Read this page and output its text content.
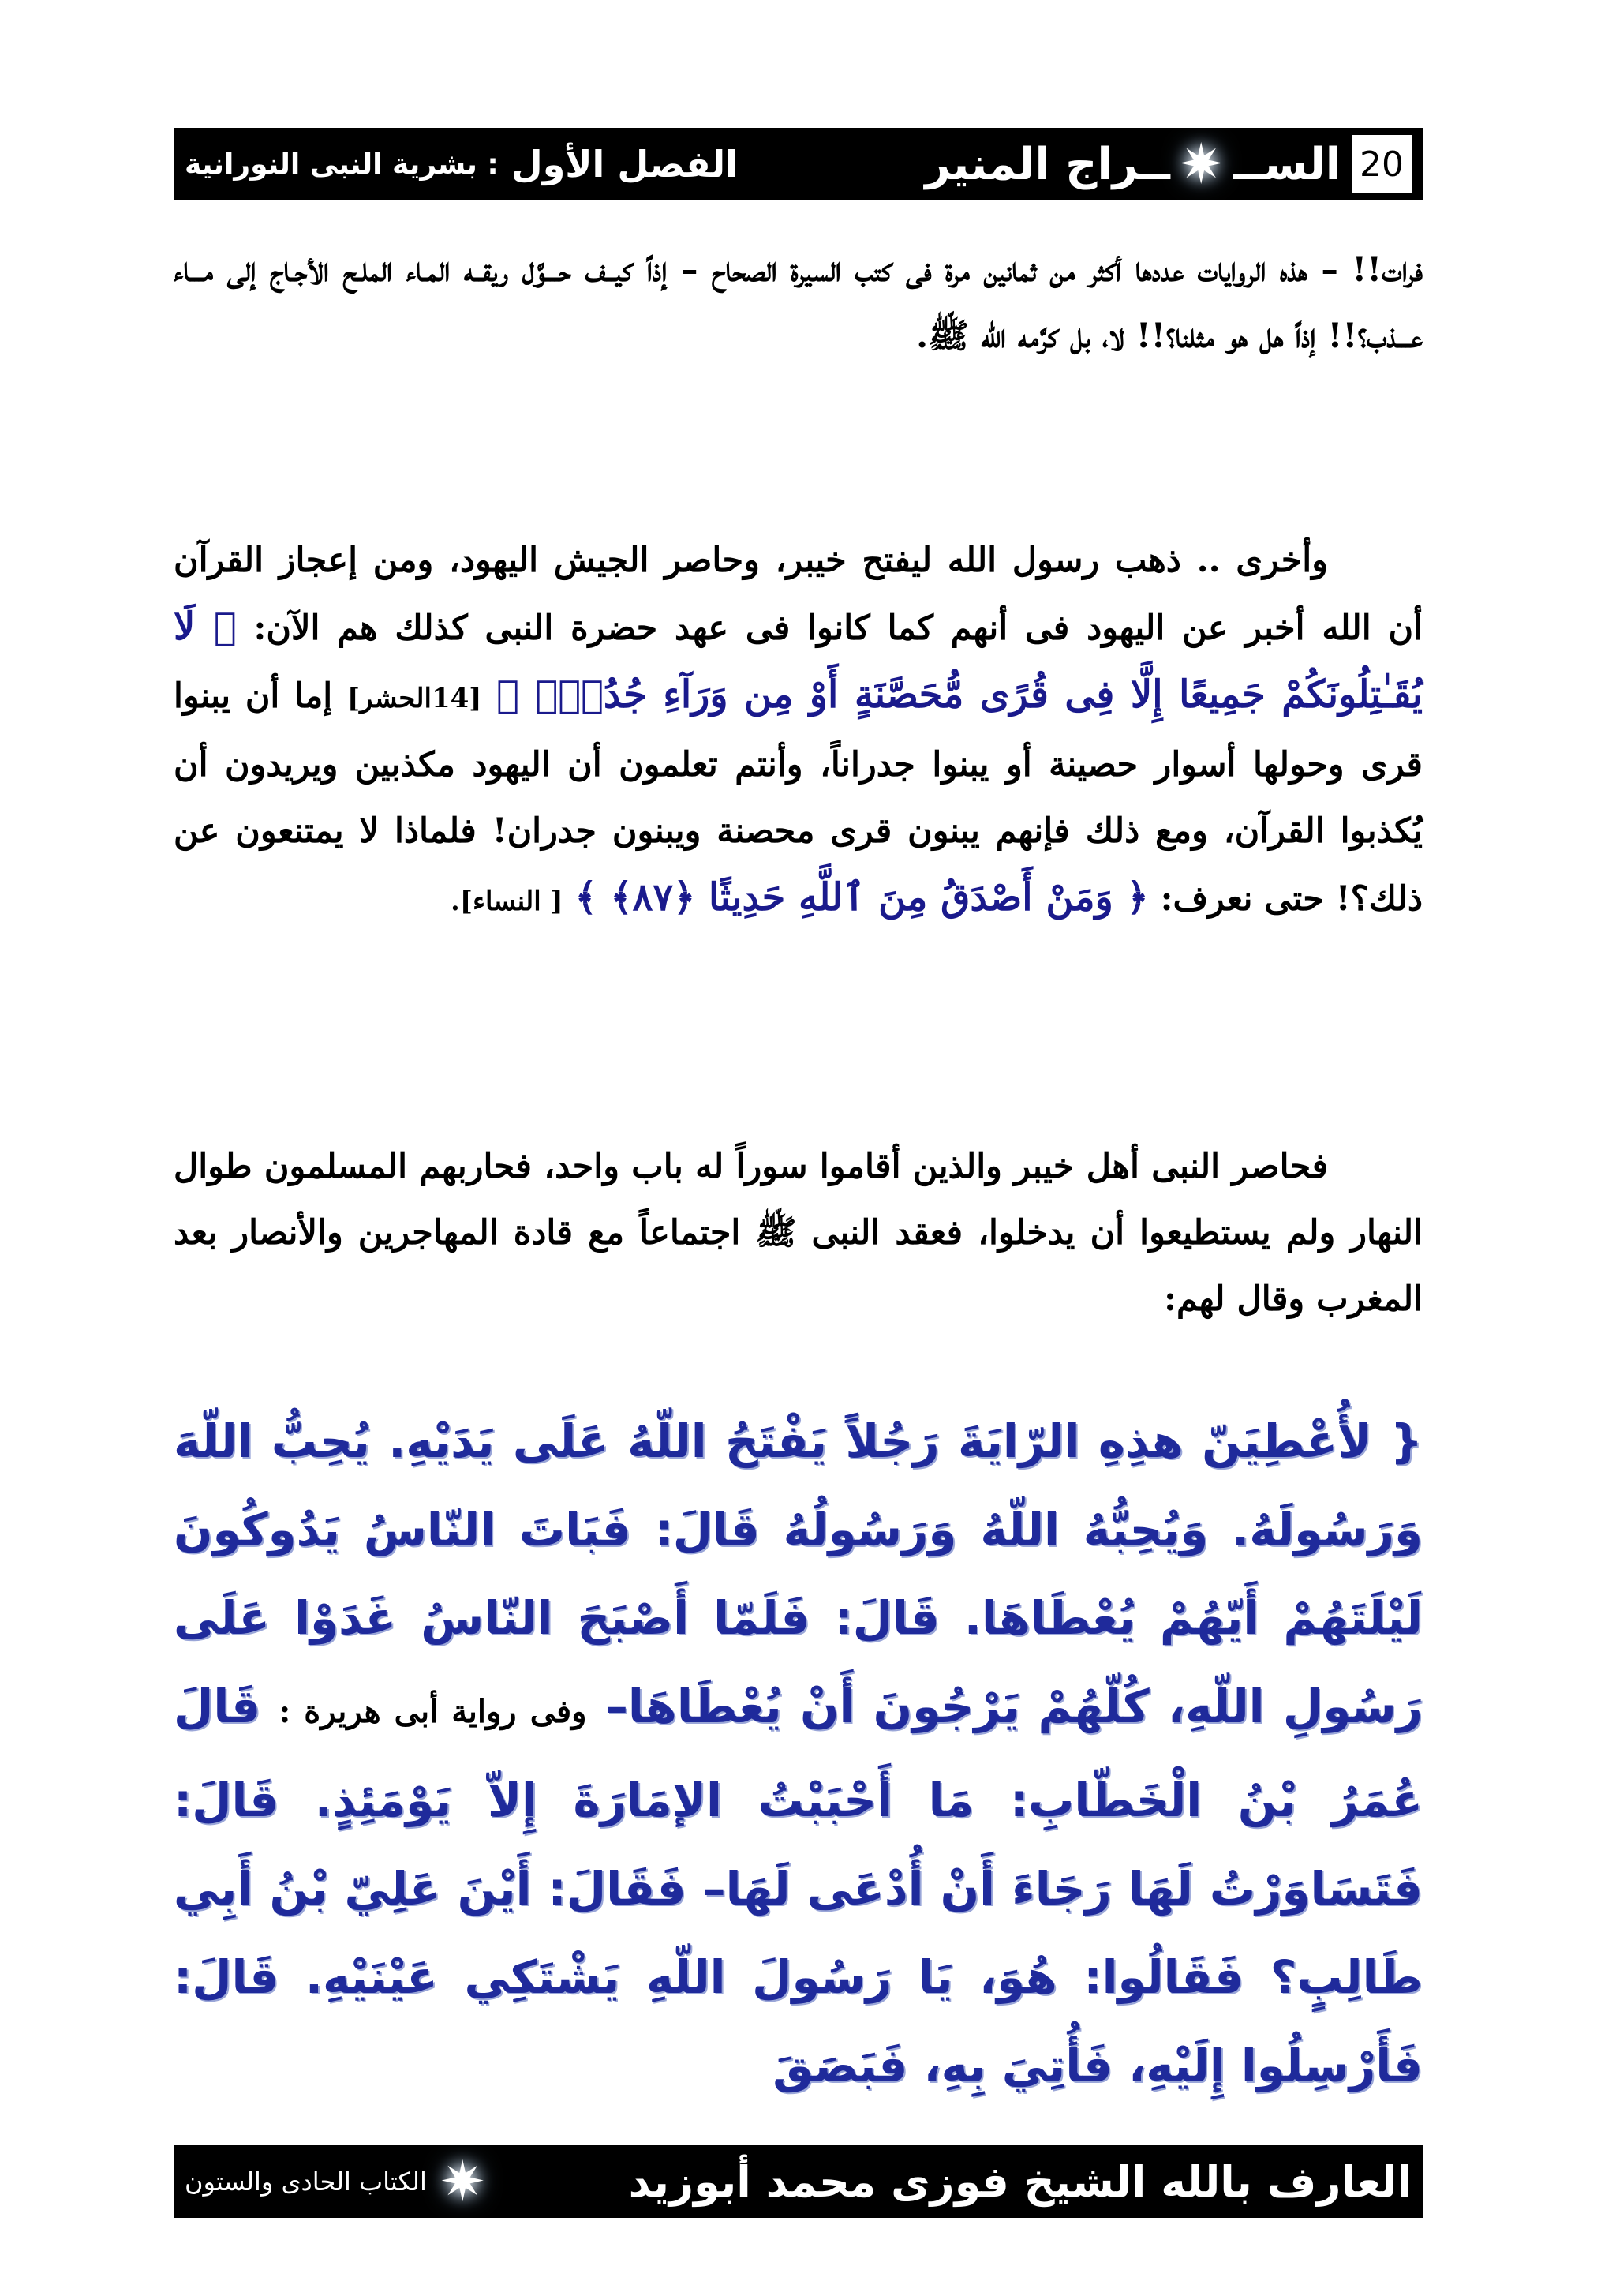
20
الســ
✷
ــراج المنير
الفصل الأول
: بشرية النبى النورانية

فرات!! – هذه الروايات عددها أكثر من ثمانين مرة فى كتب السيرة الصحاح – إذاً كيــف حـــوَّل ريقــه المـاء الملـح الأجـاج إلى مـــاء عـــذب؟!! إذاً هل هو مثلنا؟!! لا، بل كرَّمه الله ﷺ.

وأخرى .. ذهب رسول الله ليفتح خيبر، وحاصر الجيش اليهود، ومن إعجاز القرآن أن الله أخبر عن اليهود فى أنهم كما كانوا فى عهد حضرة النبى كذلك هم الآن: ﴿ لَا يُقَـٰتِلُونَكُمْ جَمِيعًا إِلَّا فِى قُرًى مُّحَصَّنَةٍ أَوْ مِن وَرَآءِ جُدُرٍۭ ﴾ [14الحشر] إما أن يبنوا قرى وحولها أسوار حصينة أو يبنوا جدراناً، وأنتم تعلمون أن اليهود مكذبين ويريدون أن يُكذبوا القرآن، ومع ذلك فإنهم يبنون قرى محصنة ويبنون جدران! فلماذا لا يمتنعون عن ذلك؟! حتى نعرف: ﴿ وَمَنْ أَصْدَقُ مِنَ ٱللَّهِ حَدِيثًا ﴿٨٧﴾ ﴾ [ النساء].

فحاصر النبى أهل خيبر والذين أقاموا سوراً له باب واحد، فحاربهم المسلمون طوال النهار ولم يستطيعوا أن يدخلوا، فعقد النبى ﷺ اجتماعاً مع قادة المهاجرين والأنصار بعد المغرب وقال لهم:

{ لأُعْطِيَنّ هذِهِ الرّايَةَ رَجُلاً يَفْتَحُ اللّهُ عَلَى يَدَيْهِ. يُحِبُّ اللّهَ وَرَسُولَهُ. وَيُحِبُّهُ اللّهُ وَرَسُولُهُ قَالَ: فَبَاتَ النّاسُ يَدُوكُونَ لَيْلَتَهُمْ أَيّهُمْ يُعْطَاهَا. قَالَ: فَلَمّا أَصْبَحَ النّاسُ غَدَوْا عَلَى رَسُولِ اللّهِ، كُلّهُمْ يَرْجُونَ أَنْ يُعْطَاهَا– وفى رواية أبى هريرة : قَالَ عُمَرُ بْنُ الْخَطّابِ: مَا أَحْبَبْتُ الإمَارَةَ إِلاّ يَوْمَئِذٍ. قَالَ: فَتَسَاوَرْتُ لَهَا رَجَاءَ أَنْ أُدْعَى لَهَا– فَقَالَ: أَيْنَ عَلِيّ بْنُ أَبِي طَالِبٍ؟ فَقَالُوا: هُوَ، يَا رَسُولَ اللّهِ يَشْتَكِي عَيْنَيْهِ. قَالَ: فَأَرْسِلُوا إِلَيْهِ، فَأُتِيَ بِهِ، فَبَصَقَ
العارف بالله الشيخ فوزى محمد أبوزيد
✷
الكتاب الحادى والستون
